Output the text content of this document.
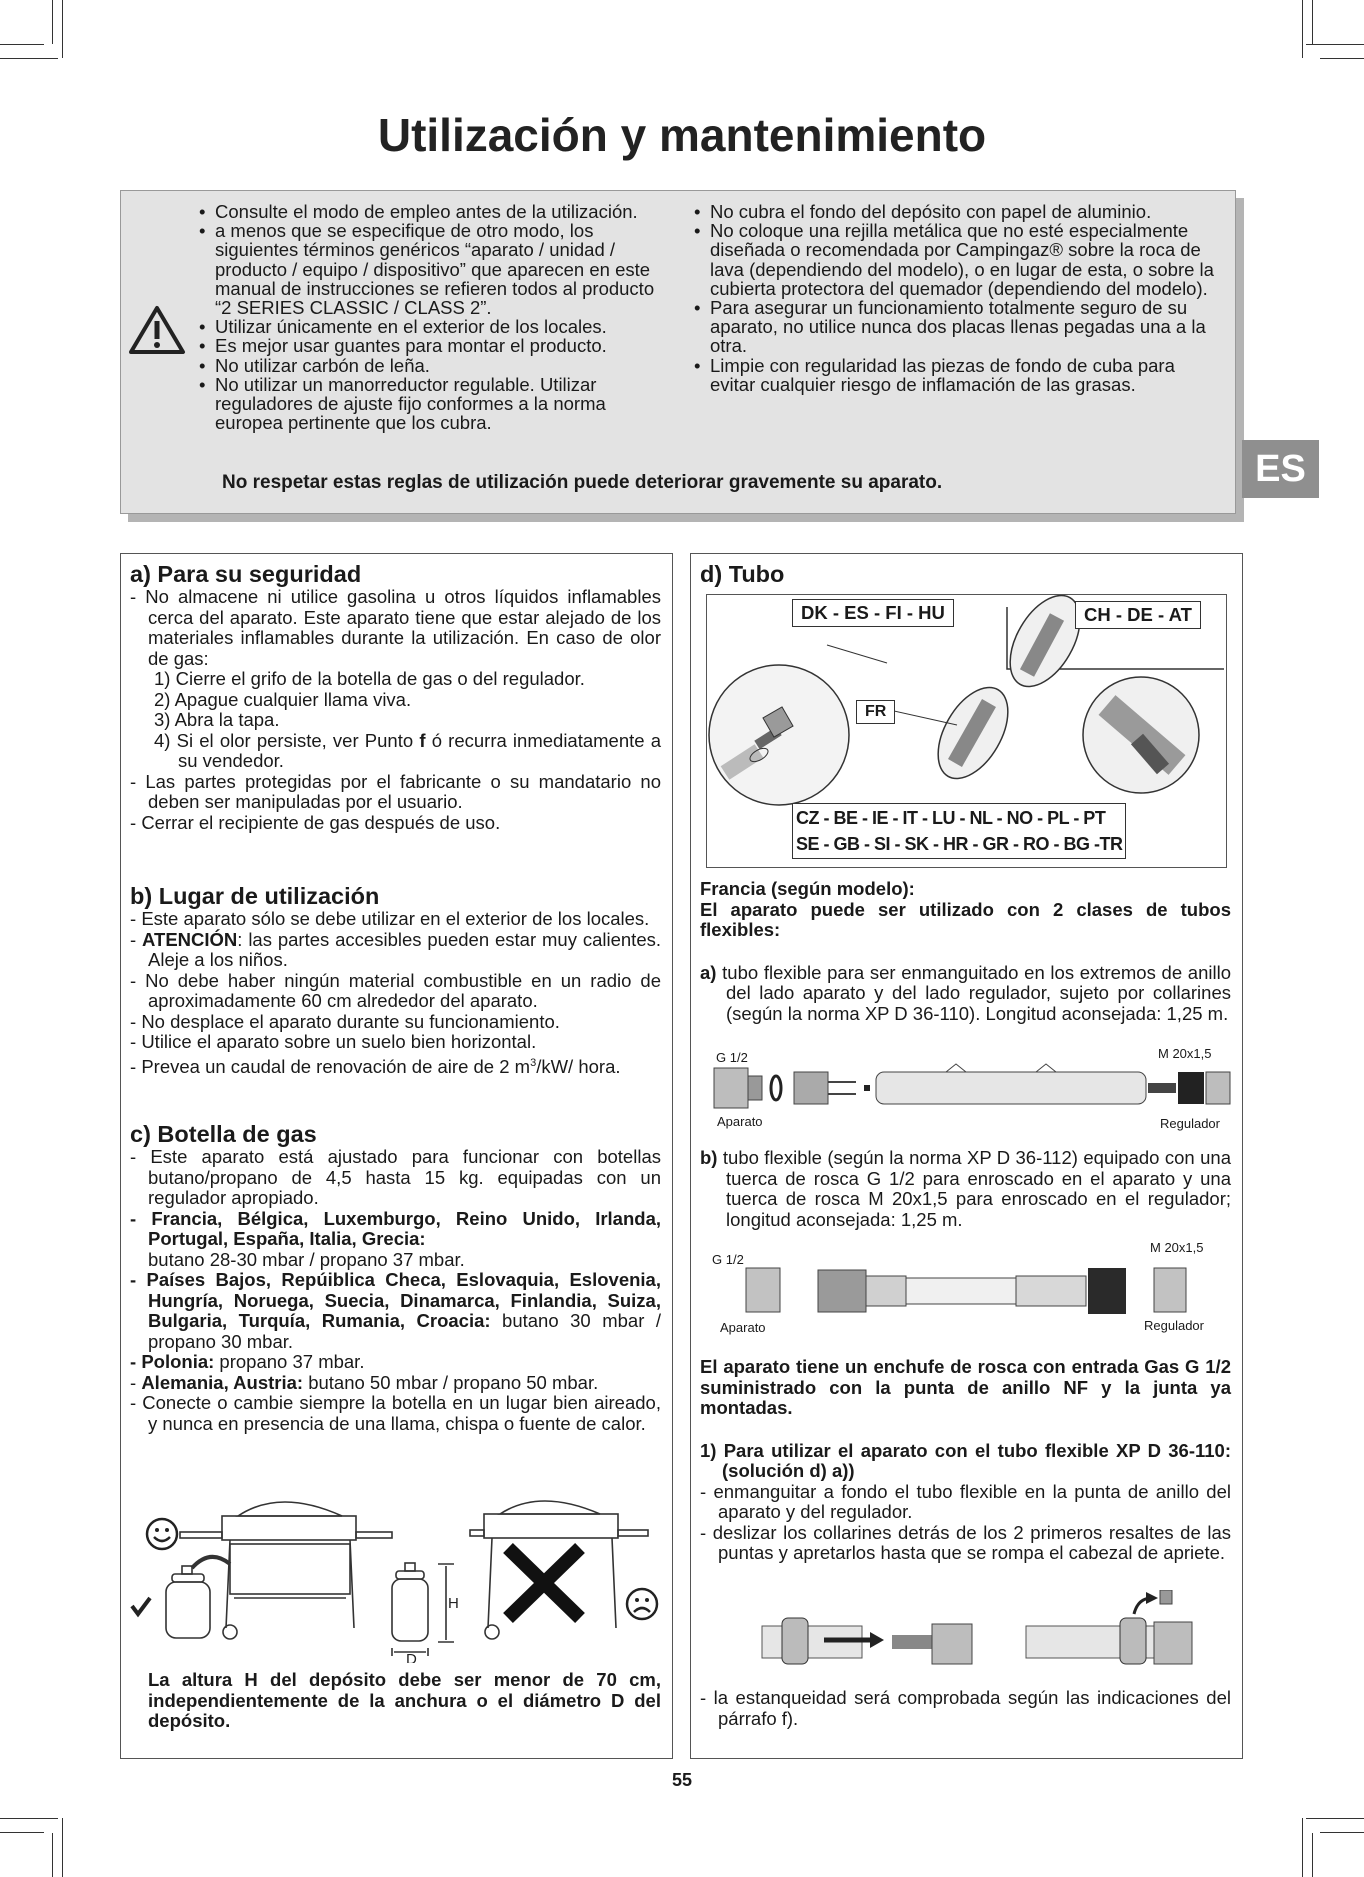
Utilización y mantenimiento
• Consulte el modo de empleo antes de la utilización.
• a menos que se especifique de otro modo, los siguientes términos genéricos “aparato / unidad / producto / equipo / dispositivo” que aparecen en este manual de instrucciones se refieren todos al producto “2 SERIES CLASSIC / CLASS 2”.
• Utilizar únicamente en el exterior de los locales.
• Es mejor usar guantes para montar el producto.
• No utilizar carbón de leña.
• No utilizar un manorreductor regulable. Utilizar reguladores de ajuste fijo conformes a la norma europea pertinente que los cubra.
• No cubra el fondo del depósito con papel de aluminio.
• No coloque una rejilla metálica que no esté especialmente diseñada o recomendada por Campingaz® sobre la roca de lava (dependiendo del modelo), o en lugar de esta, o sobre la cubierta protectora del quemador (dependiendo del modelo).
• Para asegurar un funcionamiento totalmente seguro de su aparato, no utilice nunca dos placas llenas pegadas una a la otra.
• Limpie con regularidad las piezas de fondo de cuba para evitar cualquier riesgo de inflamación de las grasas.
No respetar estas reglas de utilización puede deteriorar gravemente su aparato.	ES
a) Para su seguridad

- No almacene ni utilice gasolina u otros líquidos inflamables cerca del aparato. Este aparato tiene que estar alejado de los materiales inflamables durante la utilización. En caso de olor de gas:

1) Cierre el grifo de la botella de gas o del regulador.

2) Apague cualquier llama viva.

3) Abra la tapa.

4) Si el olor persiste, ver Punto f ó recurra inmediatamente a su vendedor.

- Las partes protegidas por el fabricante o su mandatario no deben ser manipuladas por el usuario.

- Cerrar el recipiente de gas después de uso.

b) Lugar de utilización

- Este aparato sólo se debe utilizar en el exterior de los locales.

- ATENCIÓN: las partes accesibles pueden estar muy calientes. Aleje a los niños.

- No debe haber ningún material combustible en un radio de aproximadamente 60 cm alrededor del aparato.

- No desplace el aparato durante su funcionamiento.

- Utilice el aparato sobre un suelo bien horizontal.

- Prevea un caudal de renovación de aire de 2 $m^3/kW/$ hora.

c) Botella de gas

- Este aparato está ajustado para funcionar con botellas butano/propano de 4,5 hasta 15 kg. equipadas con un regulador apropiado.

- Francia, Bélgica, Luxemburgo, Reino Unido, Irlanda, Portugal, España, Italia, Grecia:
butano 28-30 mbar / propano 37 mbar.

- Países Bajos, Repúiblica Checa, Eslovaquia, Eslovenia, Hungría, Noruega, Suecia, Dinamarca, Finlandia, Suiza, Bulgaria, Turquía, Rumania, Croacia: butano 30 mbar / propano 30 mbar.

- Polonia: propano 37 mbar.

- Alemania, Austria: butano 50 mbar / propano 50 mbar.

- Conecte o cambie siempre la botella en un lugar bien aireado, y nunca en presencia de una llama, chispa o fuente de calor.

H
D
La altura H del depósito debe ser menor de 70 cm, independientemente de la anchura o el diámetro D del depósito.
d) Tubo
DK - ES - FI - HU	CH - DE - AT
FR
CZ - BE - IE - IT - LU - NL - NO - PL - PT
SE - GB - SI - SK - HR - GR - RO - BG -TR

Francia (según modelo):

El aparato puede ser utilizado con 2 clases de tubos flexibles:

a) tubo flexible para ser enmanguitado en los extremos de anillo del lado aparato y del lado regulador, sujeto por collarines (según la norma XP D 36-110). Longitud aconsejada: 1,25 m.

G 1/2	M 20x1,5
Aparato	Regulador

b) tubo flexible (según la norma XP D 36-112) equipado con una tuerca de rosca G 1/2 para enroscado en el aparato y una tuerca de rosca M 20x1,5 para enroscado en el regulador; longitud aconsejada: 1,25 m.

G 1/2
M 20x1,5
Aparato	Regulador

El aparato tiene un enchufe de rosca con entrada Gas G 1/2 suministrado con la punta de anillo NF y la junta ya montadas.

1) Para utilizar el aparato con el tubo flexible XP D 36-110: (solución d) a))

- enmanguitar a fondo el tubo flexible en la punta de anillo del aparato y del regulador.

- deslizar los collarines detrás de los 2 primeros resaltes de las puntas y apretarlos hasta que se rompa el cabezal de apriete.

- la estanqueidad será comprobada según las indicaciones del párrafo f).

55
